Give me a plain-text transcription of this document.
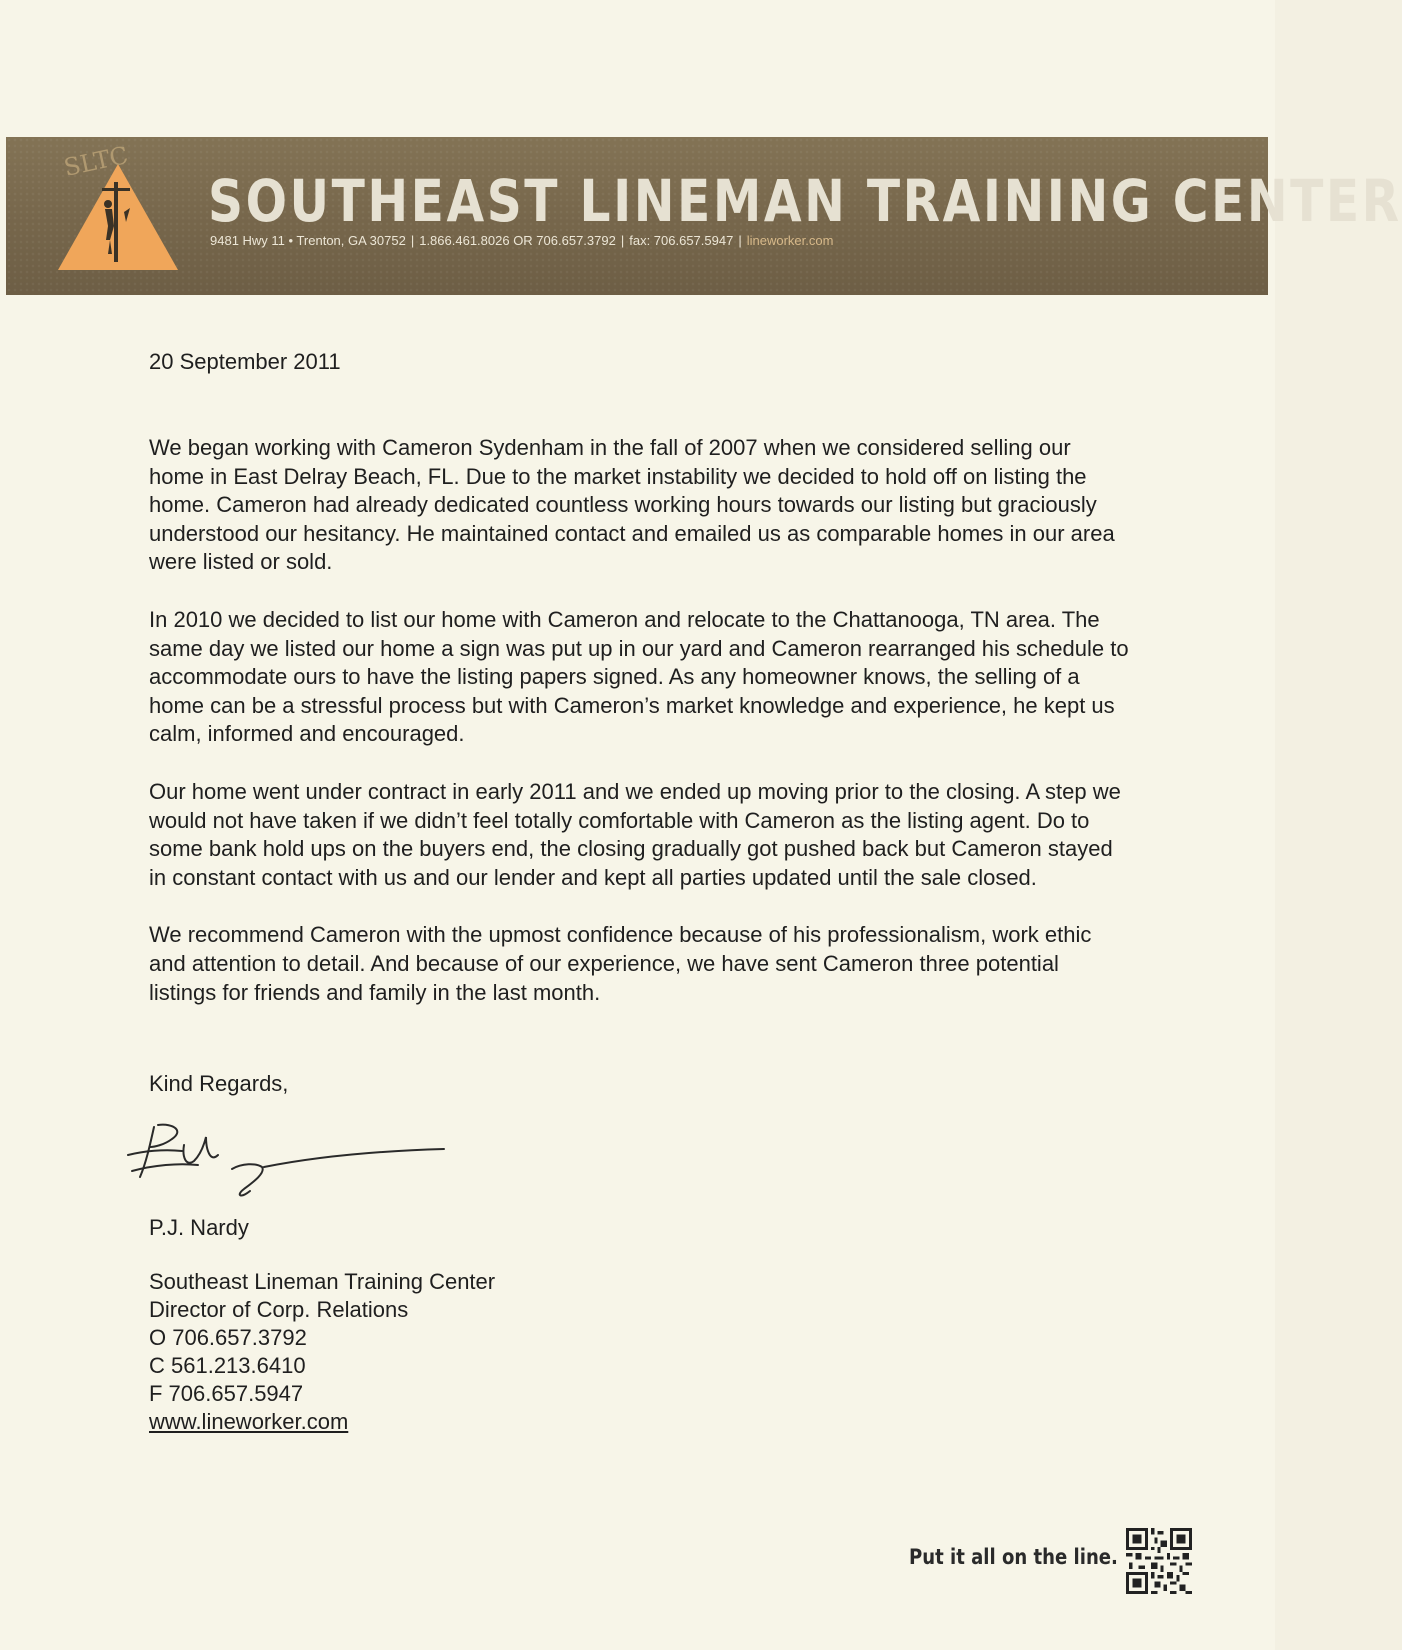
SLTC
SOUTHEAST LINEMAN TRAINING CENTER
9481 Hwy 11 • Trenton, GA 30752 | 1.866.461.8026 OR 706.657.3792 | fax: 706.657.5947 | lineworker.com
20 September 2011

We began working with Cameron Sydenham in the fall of 2007 when we considered selling our home in East Delray Beach, FL. Due to the market instability we decided to hold off on listing the home. Cameron had already dedicated countless working hours towards our listing but graciously understood our hesitancy. He maintained contact and emailed us as comparable homes in our area were listed or sold.

In 2010 we decided to list our home with Cameron and relocate to the Chattanooga, TN area. The same day we listed our home a sign was put up in our yard and Cameron rearranged his schedule to accommodate ours to have the listing papers signed. As any homeowner knows, the selling of a home can be a stressful process but with Cameron’s market knowledge and experience, he kept us calm, informed and encouraged.

Our home went under contract in early 2011 and we ended up moving prior to the closing. A step we would not have taken if we didn’t feel totally comfortable with Cameron as the listing agent. Do to some bank hold ups on the buyers end, the closing gradually got pushed back but Cameron stayed in constant contact with us and our lender and kept all parties updated until the sale closed.

We recommend Cameron with the upmost confidence because of his professionalism, work ethic and attention to detail. And because of our experience, we have sent Cameron three potential listings for friends and family in the last month.

Kind Regards,
P.J. Nardy
Southeast Lineman Training Center
Director of Corp. Relations
O 706.657.3792
C 561.213.6410
F 706.657.5947
www.lineworker.com
Put it all on the line.
